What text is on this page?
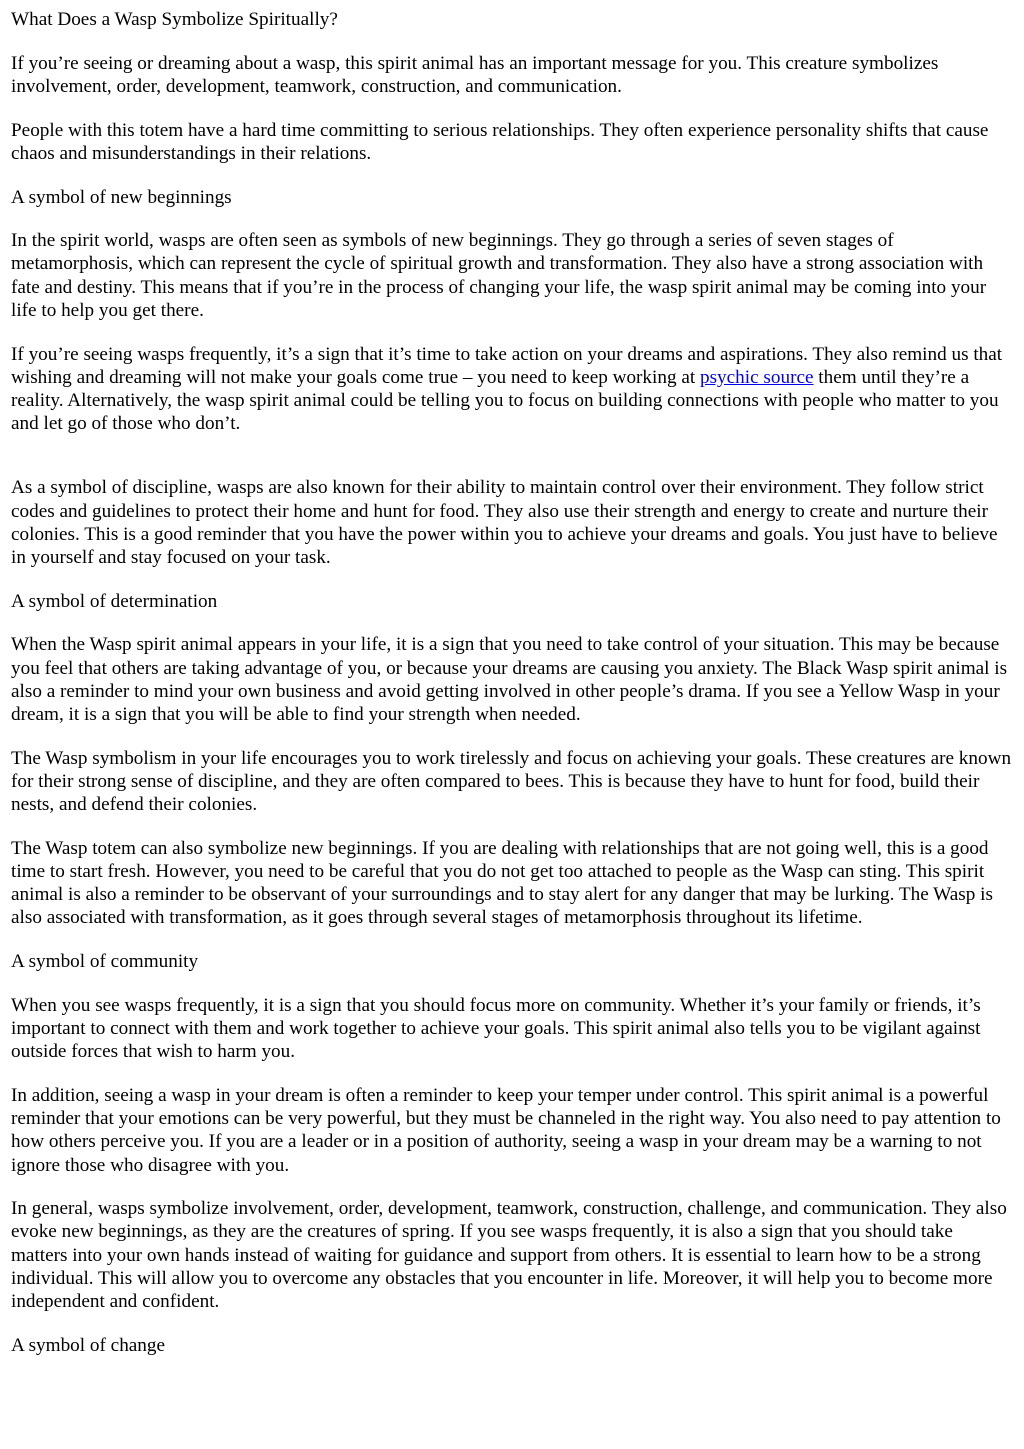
What Does a Wasp Symbolize Spiritually?

If you’re seeing or dreaming about a wasp, this spirit animal has an important message for you. This creature symbolizes involvement, order, development, teamwork, construction, and communication.

People with this totem have a hard time committing to serious relationships. They often experience personality shifts that cause chaos and misunderstandings in their relations.

A symbol of new beginnings

In the spirit world, wasps are often seen as symbols of new beginnings. They go through a series of seven stages of metamorphosis, which can represent the cycle of spiritual growth and transformation. They also have a strong association with fate and destiny. This means that if you’re in the process of changing your life, the wasp spirit animal may be coming into your life to help you get there.

If you’re seeing wasps frequently, it’s a sign that it’s time to take action on your dreams and aspirations. They also remind us that wishing and dreaming will not make your goals come true – you need to keep working at psychic source them until they’re a reality. Alternatively, the wasp spirit animal could be telling you to focus on building connections with people who matter to you and let go of those who don’t.

As a symbol of discipline, wasps are also known for their ability to maintain control over their environment. They follow strict codes and guidelines to protect their home and hunt for food. They also use their strength and energy to create and nurture their colonies. This is a good reminder that you have the power within you to achieve your dreams and goals. You just have to believe in yourself and stay focused on your task.

A symbol of determination

When the Wasp spirit animal appears in your life, it is a sign that you need to take control of your situation. This may be because you feel that others are taking advantage of you, or because your dreams are causing you anxiety. The Black Wasp spirit animal is also a reminder to mind your own business and avoid getting involved in other people’s drama. If you see a Yellow Wasp in your dream, it is a sign that you will be able to find your strength when needed.

The Wasp symbolism in your life encourages you to work tirelessly and focus on achieving your goals. These creatures are known for their strong sense of discipline, and they are often compared to bees. This is because they have to hunt for food, build their nests, and defend their colonies.

The Wasp totem can also symbolize new beginnings. If you are dealing with relationships that are not going well, this is a good time to start fresh. However, you need to be careful that you do not get too attached to people as the Wasp can sting. This spirit animal is also a reminder to be observant of your surroundings and to stay alert for any danger that may be lurking. The Wasp is also associated with transformation, as it goes through several stages of metamorphosis throughout its lifetime.

A symbol of community

When you see wasps frequently, it is a sign that you should focus more on community. Whether it’s your family or friends, it’s important to connect with them and work together to achieve your goals. This spirit animal also tells you to be vigilant against outside forces that wish to harm you.

In addition, seeing a wasp in your dream is often a reminder to keep your temper under control. This spirit animal is a powerful reminder that your emotions can be very powerful, but they must be channeled in the right way. You also need to pay attention to how others perceive you. If you are a leader or in a position of authority, seeing a wasp in your dream may be a warning to not ignore those who disagree with you.

In general, wasps symbolize involvement, order, development, teamwork, construction, challenge, and communication. They also evoke new beginnings, as they are the creatures of spring. If you see wasps frequently, it is also a sign that you should take matters into your own hands instead of waiting for guidance and support from others. It is essential to learn how to be a strong individual. This will allow you to overcome any obstacles that you encounter in life. Moreover, it will help you to become more independent and confident.

A symbol of change
